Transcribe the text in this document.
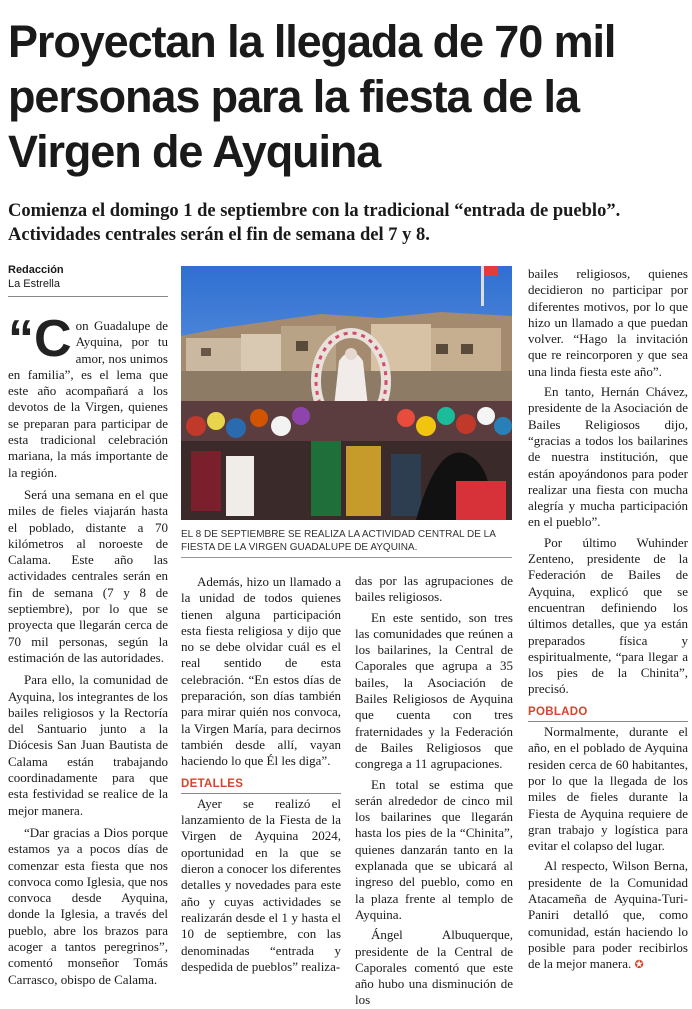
Proyectan la llegada de 70 mil personas para la fiesta de la Virgen de Ayquina
Comienza el domingo 1 de septiembre con la tradicional “entrada de pueblo”. Actividades centrales serán el fin de semana del 7 y 8.
Redacción
La Estrella

“Con Guadalupe de Ayquina, por tu amor, nos unimos en familia”, es el lema que este año acompañará a los devotos de la Virgen, quienes se preparan para participar de esta tradicional celebración mariana, la más importante de la región.

Será una semana en el que miles de fieles viajarán hasta el poblado, distante a 70 kilómetros al noroeste de Calama. Este año las actividades centrales serán en fin de semana (7 y 8 de septiembre), por lo que se proyecta que llegarán cerca de 70 mil personas, según la estimación de las autoridades.

Para ello, la comunidad de Ayquina, los integrantes de los bailes religiosos y la Rectoría del Santuario junto a la Diócesis San Juan Bautista de Calama están trabajando coordinadamente para que esta festividad se realice de la mejor manera.

“Dar gracias a Dios porque estamos ya a pocos días de comenzar esta fiesta que nos convoca como Iglesia, que nos convoca desde Ayquina, donde la Iglesia, a través del pueblo, abre los brazos para acoger a tantos peregrinos”, comentó monseñor Tomás Carrasco, obispo de Calama.

EL 8 DE SEPTIEMBRE SE REALIZA LA ACTIVIDAD CENTRAL DE LA FIESTA DE LA VIRGEN GUADALUPE DE AYQUINA.

Además, hizo un llamado a la unidad de todos quienes tienen alguna participación esta fiesta religiosa y dijo que no se debe olvidar cuál es el real sentido de esta celebración. “En estos días de preparación, son días también para mirar quién nos convoca, la Virgen María, para decirnos también desde allí, vayan haciendo lo que Él les diga”.

DETALLES

Ayer se realizó el lanzamiento de la Fiesta de la Virgen de Ayquina 2024, oportunidad en la que se dieron a conocer los diferentes detalles y novedades para este año y cuyas actividades se realizarán desde el 1 y hasta el 10 de septiembre, con las denominadas “entrada y despedida de pueblos” realiza-

das por las agrupaciones de bailes religiosos.

En este sentido, son tres las comunidades que reúnen a los bailarines, la Central de Caporales que agrupa a 35 bailes, la Asociación de Bailes Religiosos de Ayquina que cuenta con tres fraternidades y la Federación de Bailes Religiosos que congrega a 11 agrupaciones.

En total se estima que serán alrededor de cinco mil los bailarines que llegarán hasta los pies de la “Chinita”, quienes danzarán tanto en la explanada que se ubicará al ingreso del pueblo, como en la plaza frente al templo de Ayquina.

Ángel Albuquerque, presidente de la Central de Caporales comentó que este año hubo una disminución de los

bailes religiosos, quienes decidieron no participar por diferentes motivos, por lo que hizo un llamado a que puedan volver. “Hago la invitación que re reincorporen y que sea una linda fiesta este año”.

En tanto, Hernán Chávez, presidente de la Asociación de Bailes Religiosos dijo, “gracias a todos los bailarines de nuestra institución, que están apoyándonos para poder realizar una fiesta con mucha alegría y mucha participación en el pueblo”.

Por último Wuhinder Zenteno, presidente de la Federación de Bailes de Ayquina, explicó que se encuentran definiendo los últimos detalles, que ya están preparados física y espiritualmente, “para llegar a los pies de la Chinita”, precisó.

POBLADO

Normalmente, durante el año, en el poblado de Ayquina residen cerca de 60 habitantes, por lo que la llegada de los miles de fieles durante la Fiesta de Ayquina requiere de gran trabajo y logística para evitar el colapso del lugar.

Al respecto, Wilson Berna, presidente de la Comunidad Atacameña de Ayquina-Turi-Paniri detalló que, como comunidad, están haciendo lo posible para poder recibirlos de la mejor manera. ✪
